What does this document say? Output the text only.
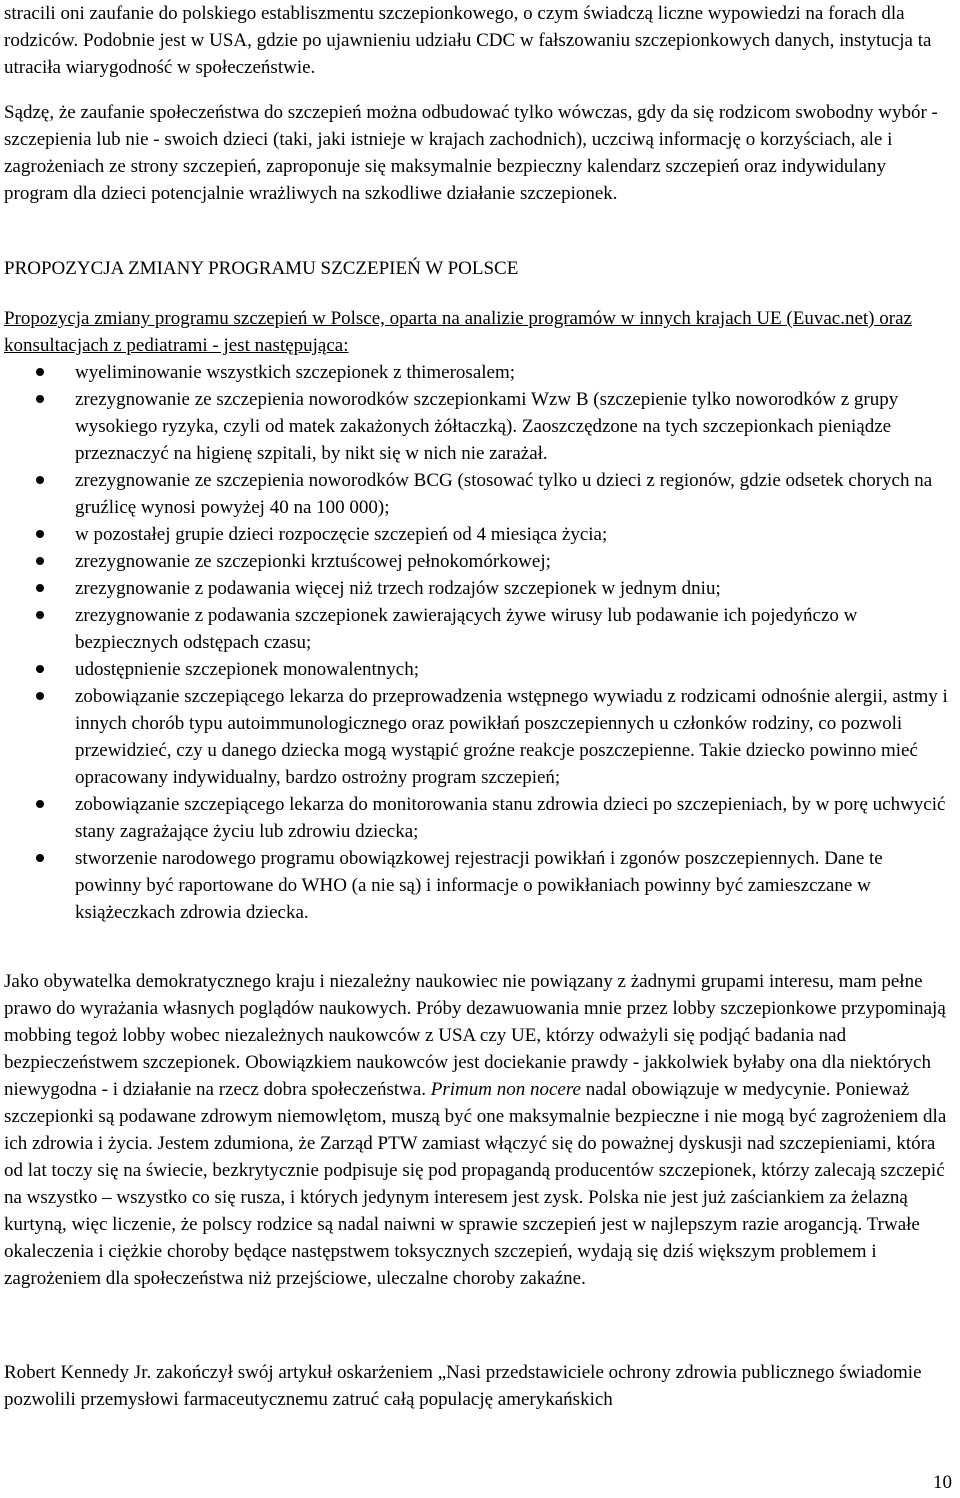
stracili oni zaufanie do polskiego establiszmentu szczepionkowego, o czym świadczą liczne wypowiedzi na forach dla rodziców. Podobnie jest w USA, gdzie po ujawnieniu udziału CDC w fałszowaniu szczepionkowych danych, instytucja ta utraciła wiarygodność w społeczeństwie.

Sądzę, że zaufanie społeczeństwa do szczepień można odbudować tylko wówczas, gdy da się rodzicom swobodny wybór - szczepienia lub nie - swoich dzieci (taki, jaki istnieje w krajach zachodnich), uczciwą informację o korzyściach, ale i zagrożeniach ze strony szczepień, zaproponuje się maksymalnie bezpieczny kalendarz szczepień oraz indywidulany program dla dzieci potencjalnie wrażliwych na szkodliwe działanie szczepionek.

PROPOZYCJA ZMIANY PROGRAMU SZCZEPIEŃ W POLSCE

Propozycja zmiany programu szczepień w Polsce, oparta na analizie programów w innych krajach UE (Euvac.net) oraz konsultacjach z pediatrami - jest następująca:

wyeliminowanie wszystkich szczepionek z thimerosalem;
zrezygnowanie ze szczepienia noworodków szczepionkami Wzw B (szczepienie tylko noworodków z grupy wysokiego ryzyka, czyli od matek zakażonych żółtaczką). Zaoszczędzone na tych szczepionkach pieniądze przeznaczyć na higienę szpitali, by nikt się w nich nie zarażał.
zrezygnowanie ze szczepienia noworodków BCG (stosować tylko u dzieci z regionów, gdzie odsetek chorych na gruźlicę wynosi powyżej 40 na 100 000);
w pozostałej grupie dzieci rozpoczęcie szczepień od 4 miesiąca życia;
zrezygnowanie ze szczepionki krztuścowej pełnokomórkowej;
zrezygnowanie z podawania więcej niż trzech rodzajów szczepionek w jednym dniu;
zrezygnowanie z podawania szczepionek zawierających żywe wirusy lub podawanie ich pojedyńczo w bezpiecznych odstępach czasu;
udostępnienie szczepionek monowalentnych;
zobowiązanie szczepiącego lekarza do przeprowadzenia wstępnego wywiadu z rodzicami odnośnie alergii, astmy i innych chorób typu autoimmunologicznego oraz powikłań poszczepiennych u członków rodziny, co pozwoli przewidzieć, czy u danego dziecka mogą wystąpić groźne reakcje poszczepienne. Takie dziecko powinno mieć opracowany indywidualny, bardzo ostrożny program szczepień;
zobowiązanie szczepiącego lekarza do monitorowania stanu zdrowia dzieci po szczepieniach, by w porę uchwycić stany zagrażające życiu lub zdrowiu dziecka;
stworzenie narodowego programu obowiązkowej rejestracji powikłań i zgonów poszczepiennych. Dane te powinny być raportowane do WHO (a nie są) i informacje o powikłaniach powinny być zamieszczane w książeczkach zdrowia dziecka.

Jako obywatelka demokratycznego kraju i niezależny naukowiec nie powiązany z żadnymi grupami interesu, mam pełne prawo do wyrażania własnych poglądów naukowych. Próby dezawuowania mnie przez lobby szczepionkowe przypominają mobbing tegoż lobby wobec niezależnych naukowców z USA czy UE, którzy odważyli się podjąć badania nad bezpieczeństwem szczepionek. Obowiązkiem naukowców jest dociekanie prawdy - jakkolwiek byłaby ona dla niektórych niewygodna - i działanie na rzecz dobra społeczeństwa. Primum non nocere nadal obowiązuje w medycynie. Ponieważ szczepionki są podawane zdrowym niemowlętom, muszą być one maksymalnie bezpieczne i nie mogą być zagrożeniem dla ich zdrowia i życia. Jestem zdumiona, że Zarząd PTW zamiast włączyć się do poważnej dyskusji nad szczepieniami, która od lat toczy się na świecie, bezkrytycznie podpisuje się pod propagandą producentów szczepionek, którzy zalecają szczepić na wszystko – wszystko co się rusza, i których jedynym interesem jest zysk. Polska nie jest już zaściankiem za żelazną kurtyną, więc liczenie, że polscy rodzice są nadal naiwni w sprawie szczepień jest w najlepszym razie arogancją. Trwałe okaleczenia i ciężkie choroby będące następstwem toksycznych szczepień, wydają się dziś większym problemem i zagrożeniem dla społeczeństwa niż przejściowe, uleczalne choroby zakaźne.

Robert Kennedy Jr. zakończył swój artykuł oskarżeniem „Nasi przedstawiciele ochrony zdrowia publicznego świadomie pozwolili przemysłowi farmaceutycznemu zatruć całą populację amerykańskich

10
